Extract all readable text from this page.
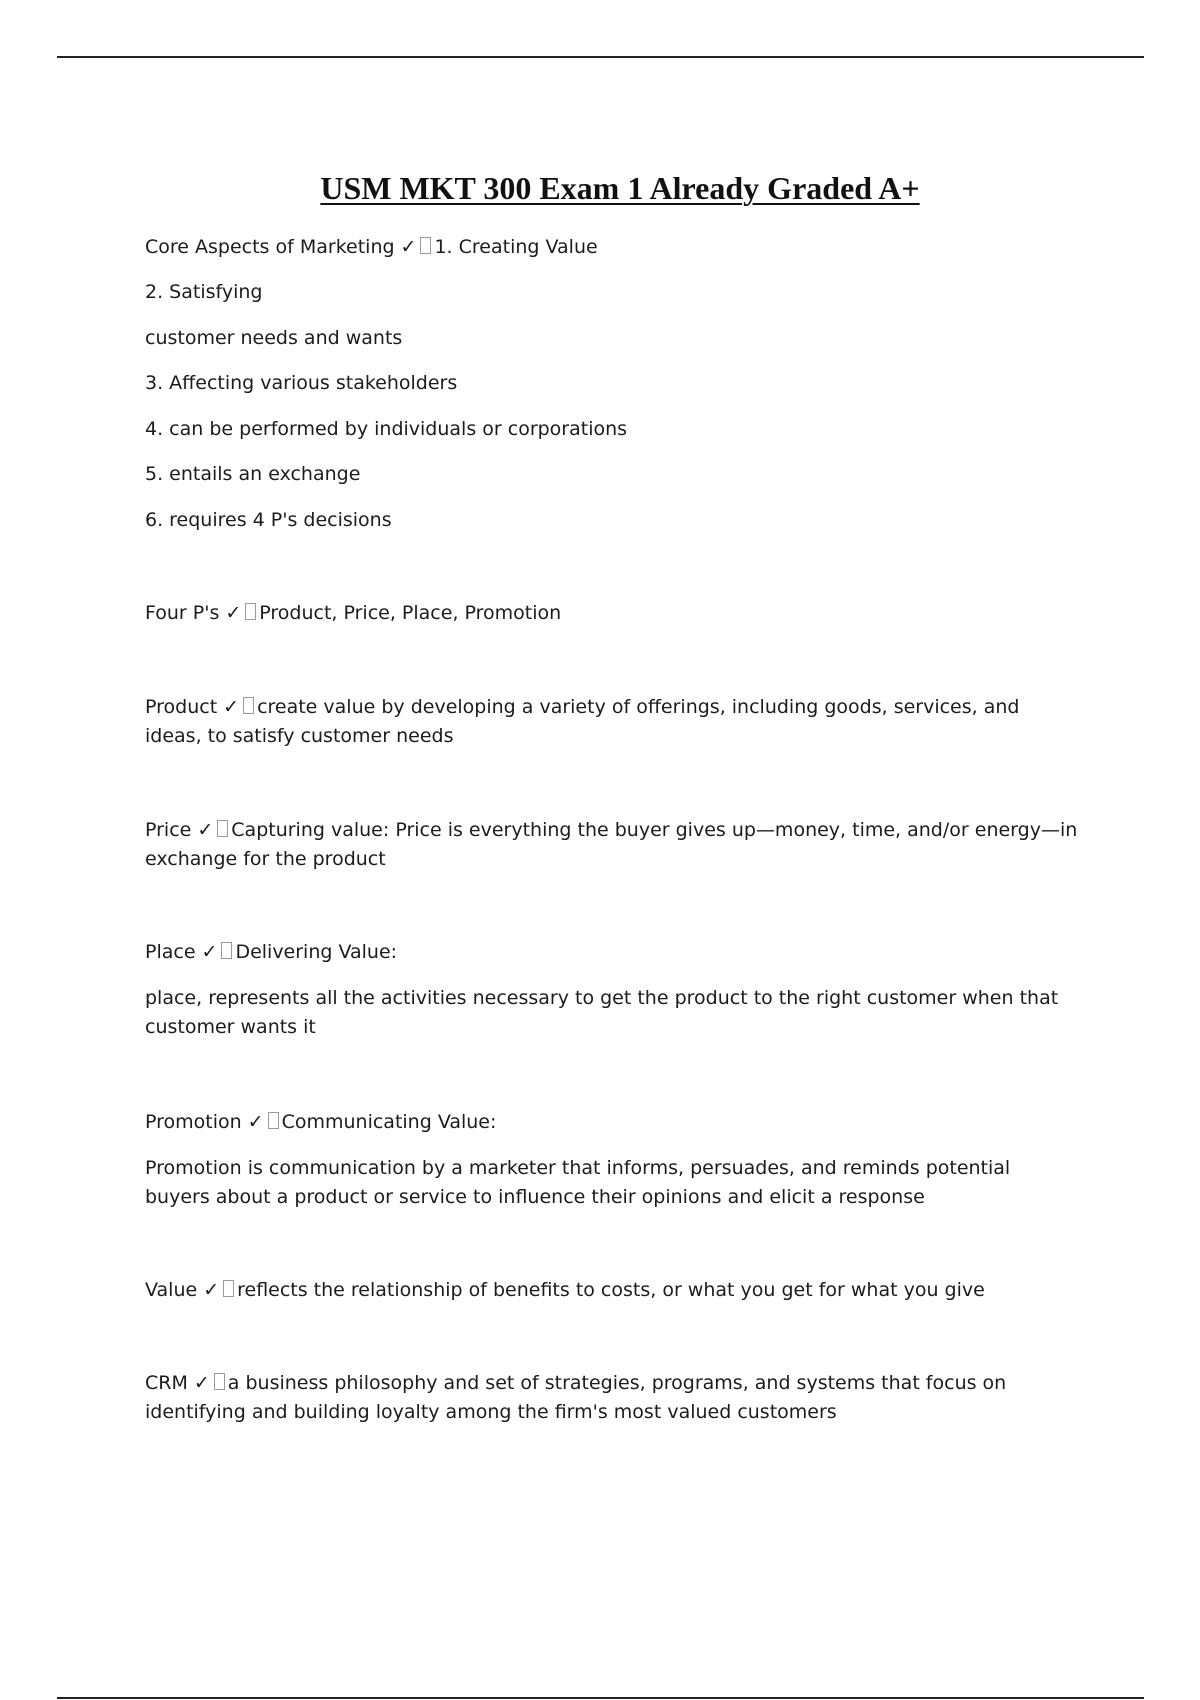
USM MKT 300 Exam 1 Already Graded A+
Core Aspects of Marketing ✓ 1. Creating Value
2. Satisfying
customer needs and wants
3. Affecting various stakeholders
4. can be performed by individuals or corporations
5. entails an exchange
6. requires 4 P's decisions
Four P's ✓ Product, Price, Place, Promotion
Product ✓ create value by developing a variety of offerings, including goods, services, and ideas, to satisfy customer needs
Price ✓ Capturing value: Price is everything the buyer gives up—money, time, and/or energy—in exchange for the product
Place ✓ Delivering Value:
place, represents all the activities necessary to get the product to the right customer when that customer wants it
Promotion ✓ Communicating Value:
Promotion is communication by a marketer that informs, persuades, and reminds potential buyers about a product or service to influence their opinions and elicit a response
Value ✓ reflects the relationship of benefits to costs, or what you get for what you give
CRM ✓ a business philosophy and set of strategies, programs, and systems that focus on identifying and building loyalty among the firm's most valued customers
